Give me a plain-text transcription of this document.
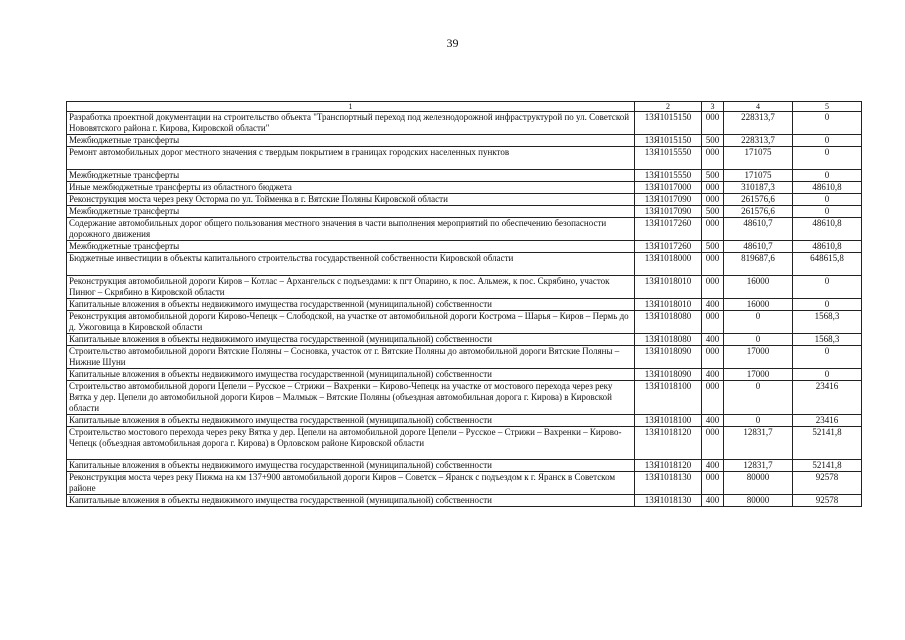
39
1	2	3	4	5
Разработка проектной документации на строительство объекта "Транспортный переход под железнодорожной инфраструктурой по ул. Советской Нововятского района г. Кирова, Кировской области"	13Я1015150	000	228313,7	0
Межбюджетные трансферты	13Я1015150	500	228313,7	0
Ремонт автомобильных дорог местного значения с твердым покрытием в границах городских населенных пунктов	13Я1015550	000	171075	0
Межбюджетные трансферты	13Я1015550	500	171075	0
Иные межбюджетные трансферты из областного бюджета	13Я1017000	000	310187,3	48610,8
Реконструкция моста через реку Осторма по ул. Тойменка в г. Вятские Поляны Кировской области	13Я1017090	000	261576,6	0
Межбюджетные трансферты	13Я1017090	500	261576,6	0
Содержание автомобильных дорог общего пользования местного значения в части выполнения мероприятий по обеспечению безопасности дорожного движения	13Я1017260	000	48610,7	48610,8
Межбюджетные трансферты	13Я1017260	500	48610,7	48610,8
Бюджетные инвестиции в объекты капитального строительства государственной собственности Кировской области	13Я1018000	000	819687,6	648615,8
Реконструкция автомобильной дороги Киров – Котлас – Архангельск с подъездами: к пгт Опарино, к пос. Альмеж, к пос. Скрябино, участок Пинюг – Скрябино в Кировской области	13Я1018010	000	16000	0
Капитальные вложения в объекты недвижимого имущества государственной (муниципальной) собственности	13Я1018010	400	16000	0
Реконструкция автомобильной дороги Кирово-Чепецк – Слободской, на участке от автомобильной дороги Кострома – Шарья – Киров – Пермь до д. Ужоговица в Кировской области	13Я1018080	000	0	1568,3
Капитальные вложения в объекты недвижимого имущества государственной (муниципальной) собственности	13Я1018080	400	0	1568,3
Строительство автомобильной дороги Вятские Поляны – Сосновка, участок от г. Вятские Поляны до автомобильной дороги Вятские Поляны – Нижние Шуни	13Я1018090	000	17000	0
Капитальные вложения в объекты недвижимого имущества государственной (муниципальной) собственности	13Я1018090	400	17000	0
Строительство автомобильной дороги Цепели – Русское – Стрижи – Вахренки – Кирово-Чепецк на участке от мостового перехода через реку Вятка у дер. Цепели до автомобильной дороги Киров – Малмыж – Вятские Поляны (объездная автомобильная дорога г. Кирова) в Кировской области	13Я1018100	000	0	23416
Капитальные вложения в объекты недвижимого имущества государственной (муниципальной) собственности	13Я1018100	400	0	23416
Строительство мостового перехода через реку Вятка у дер. Цепели на автомобильной дороге Цепели – Русское – Стрижи – Вахренки – Кирово-Чепецк (объездная автомобильная дорога г. Кирова) в Орловском районе Кировской области	13Я1018120	000	12831,7	52141,8
Капитальные вложения в объекты недвижимого имущества государственной (муниципальной) собственности	13Я1018120	400	12831,7	52141,8
Реконструкция моста через реку Пижма на км 137+900 автомобильной дороги Киров – Советск – Яранск с подъездом к г. Яранск в Советском районе	13Я1018130	000	80000	92578
Капитальные вложения в объекты недвижимого имущества государственной (муниципальной) собственности	13Я1018130	400	80000	92578
